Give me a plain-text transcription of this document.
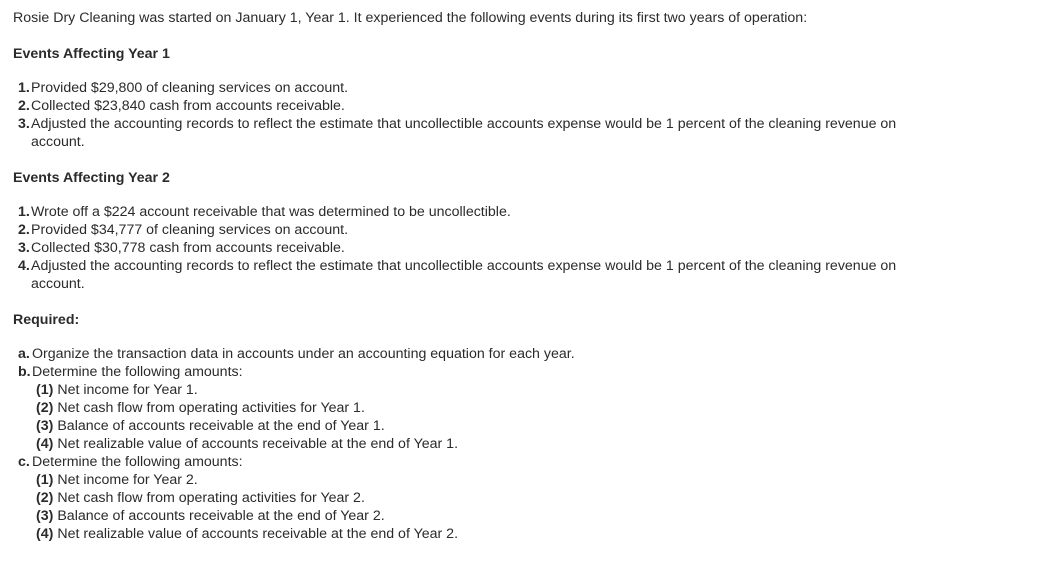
Rosie Dry Cleaning was started on January 1, Year 1. It experienced the following events during its first two years of operation:
Events Affecting Year 1
1. Provided $29,800 of cleaning services on account.
2. Collected $23,840 cash from accounts receivable.
3. Adjusted the accounting records to reflect the estimate that uncollectible accounts expense would be 1 percent of the cleaning revenue on account.
Events Affecting Year 2
1. Wrote off a $224 account receivable that was determined to be uncollectible.
2. Provided $34,777 of cleaning services on account.
3. Collected $30,778 cash from accounts receivable.
4. Adjusted the accounting records to reflect the estimate that uncollectible accounts expense would be 1 percent of the cleaning revenue on account.
Required:
a. Organize the transaction data in accounts under an accounting equation for each year.
b. Determine the following amounts:
(1) Net income for Year 1.
(2) Net cash flow from operating activities for Year 1.
(3) Balance of accounts receivable at the end of Year 1.
(4) Net realizable value of accounts receivable at the end of Year 1.
c. Determine the following amounts:
(1) Net income for Year 2.
(2) Net cash flow from operating activities for Year 2.
(3) Balance of accounts receivable at the end of Year 2.
(4) Net realizable value of accounts receivable at the end of Year 2.
